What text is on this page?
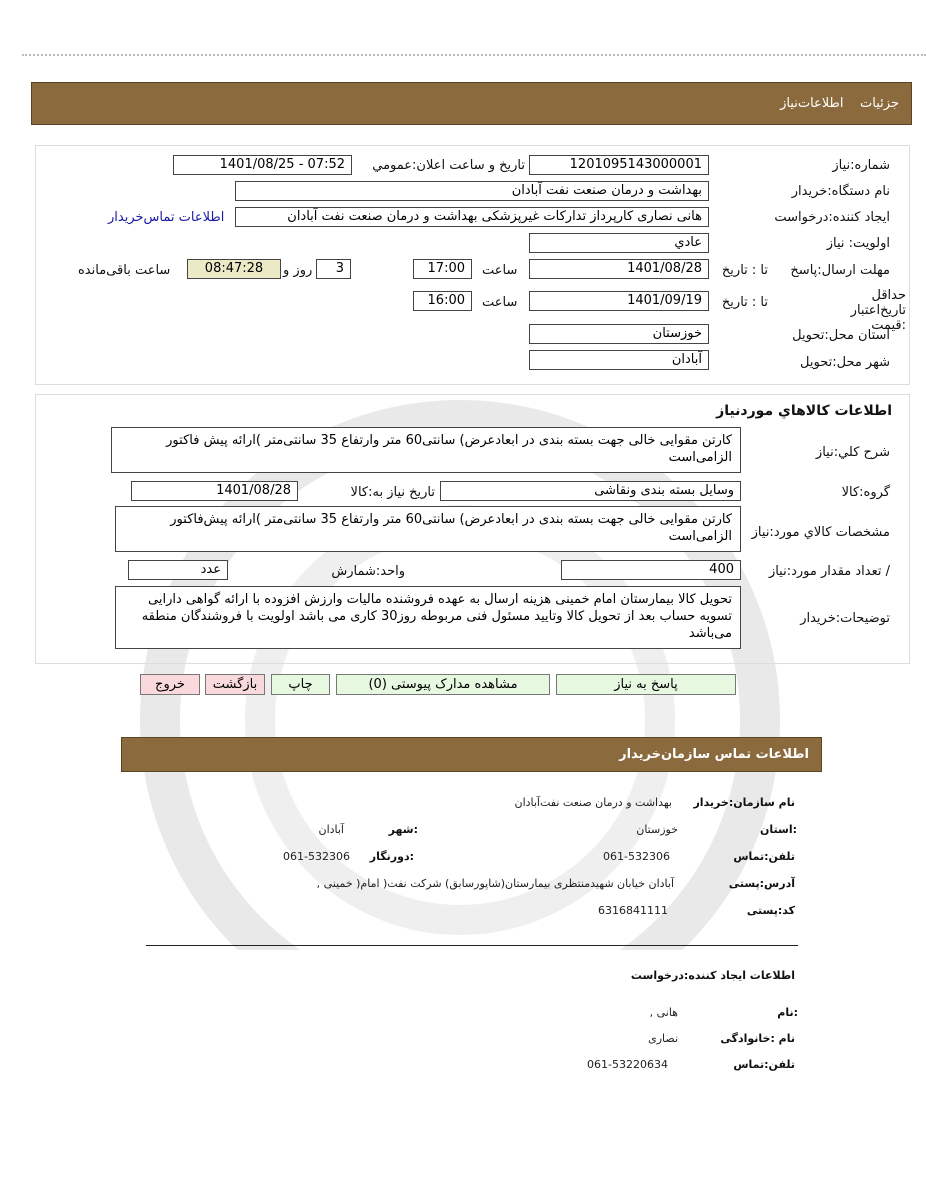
جزئیات

اطلاعات‌نیاز
شماره:نیاز
1201095143000001
تاریخ و ساعت اعلان:عمومي
1401/08/25 - 07:52
نام دستگاه:خریدار
بهداشت و درمان صنعت نفت آبادان
ایجاد کننده:درخواست
هانی نصاری کارپرداز تدارکات غیرپزشکی بهداشت و درمان صنعت نفت آبادان
اطلاعات تماس‌خریدار
اولویت: نیاز
عادي
مهلت ارسال:پاسخ
تا : تاریخ
1401/08/28
ساعت
17:00
3
روز و
08:47:28
ساعت باقی‌مانده
حداقل تاریخ‌اعتبار :قیمت
تا : تاریخ
1401/09/19
ساعت
16:00
استان محل:تحویل
خوزستان
شهر محل:تحویل
آبادان
اطلاعات کالاهاي موردنیاز
شرح کلي:نیاز
کارتن مقوایی خالی جهت بسته بندی در ابعادعرض) سانتی60 متر وارتفاع 35 سانتی‌متر )ارائه پیش فاکتور الزامی‌است
گروه:کالا
وسایل بسته بندی ونقاشی
تاریخ نیاز به:کالا
1401/08/28
مشخصات کالاي مورد:نیاز
کارتن مقوایی خالی جهت بسته بندی در ابعادعرض) سانتی60 متر وارتفاع 35 سانتی‌متر )ارائه پیش‌فاکتور الزامی‌است
/ تعداد مقدار مورد:نیاز
400
واحد:شمارش
عدد
توضیحات:خریدار
تحویل کالا بیمارستان امام خمینی هزینه ارسال به عهده فروشنده مالیات وارزش افزوده با ارائه گواهی دارایی تسویه حساب بعد از تحویل کالا وتایید مسئول فنی مربوطه روز30 کاری می باشد اولویت با فروشندگان منطقه می‌باشد
پاسخ به نیاز
مشاهده مدارک پیوستی (0)
چاپ
بازگشت
خروج
اطلاعات تماس سازمان‌خریدار
نام سازمان:خریدار
بهداشت و درمان صنعت نفت‌آبادان
:استان
خوزستان
:شهر
آبادان
تلفن:تماس
061-532306
:دورنگار
061-532306
آدرس:پستی
آبادان خیابان شهیدمنتظری بیمارستان(شاپورسابق) شرکت نفت( امام( خمینی ,
کد:پستی
6316841111
اطلاعات ایجاد کننده:درخواست
:نام
هانی ,
نام :خانوادگی
نصاری
تلفن:تماس
061-53220634
